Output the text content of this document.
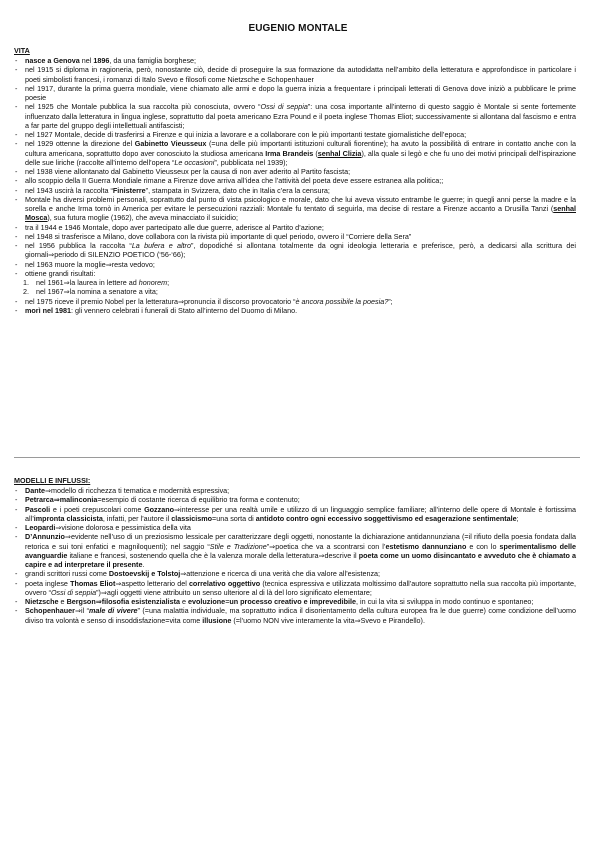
EUGENIO MONTALE
VITA
- nasce a Genova nel 1896, da una famiglia borghese;
- nel 1915 si diploma in ragioneria, però, nonostante ciò, decide di proseguire la sua formazione da autodidatta nell’ambito della letteratura e approfondisce in particolare i poeti simbolisti francesi, i romanzi di Italo Svevo e filosofi come Nietzsche e Schopenhauer
- nel 1917, durante la prima guerra mondiale, viene chiamato alle armi e dopo la guerra inizia a frequentare i principali letterati di Genova dove iniziò a pubblicare le prime poesie
- nel 1925 che Montale pubblica la sua raccolta più conosciuta, ovvero “Ossi di seppia”: una cosa importante all’interno di questo saggio è Montale si sente fortemente influenzato dalla letteratura in lingua inglese, soprattutto dal poeta americano Ezra Pound e il poeta inglese Thomas Eliot; successivamente si allontana dal fascismo e entra a far parte del gruppo degli intellettuali antifascisti;
- nel 1927 Montale, decide di trasferirsi a Firenze e qui inizia a lavorare e a collaborare con le più importanti testate giornalistiche dell’epoca;
- nel 1929 ottenne la direzione del Gabinetto Vieusseux (=una delle più importanti istituzioni culturali fiorentine); ha avuto la possibilità di entrare in contatto anche con la cultura americana, soprattutto dopo aver conosciuto la studiosa americana Irma Brandeis (senhal Clizia), alla quale si legò e che fu uno dei motivi principali dell’ispirazione delle sue liriche (raccolte all’interno dell’opera “Le occasioni”, pubblicata nel 1939);
- nel 1938 viene allontanato dal Gabinetto Vieusseux per la causa di non aver aderito al Partito fascista;
- allo scoppio della II Guerra Mondiale rimane a Firenze dove arriva all’idea che l’attività del poeta deve essere estranea alla politica;;
- nel 1943 uscirà la raccolta “Finisterre”, stampata in Svizzera, dato che in Italia c’era la censura;
- Montale ha diversi problemi personali, soprattutto dal punto di vista psicologico e morale, dato che lui aveva vissuto entrambe le guerre; in quegli anni perse la madre e la sorella e anche Irma tornò in America per evitare le persecuzioni razziali: Montale fu tentato di seguirla, ma decise di restare a Firenze accanto a Drusilla Tanzi (senhal Mosca), sua futura moglie (1962), che aveva minacciato il suicidio;
- tra il 1944 e 1946 Montale, dopo aver partecipato alle due guerre, aderisce al Partito d’azione;
- nel 1948 si trasferisce a Milano, dove collabora con la rivista più importante di quel periodo, ovvero il “Corriere della Sera”
- nel 1956 pubblica la raccolta “La bufera e altro”, dopodiché si allontana totalmente da ogni ideologia letteraria e preferisce, però, a dedicarsi alla scrittura dei giornali⇒periodo di SILENZIO POETICO (‘56-‘66);
- nel 1963 muore la moglie⇒resta vedovo;
- ottiene grandi risultati:
1. nel 1961⇒la laurea in lettere ad honorem;
2. nel 1967⇒la nomina a senatore a vita;
- nel 1975 riceve il premio Nobel per la letteratura⇒pronuncia il discorso provocatorio “è ancora possibile la poesia?”;
- morì nel 1981: gli vennero celebrati i funerali di Stato all’interno del Duomo di Milano.
MODELLI E INFLUSSI:
- Dante⇒modello di ricchezza ti tematica e modernità espressiva;
- Petrarca⇒malinconia=esempio di costante ricerca di equilibrio tra forma e contenuto;
- Pascoli e i poeti crepuscolari come Gozzano⇒interesse per una realtà umile e utilizzo di un linguaggio semplice familiare; all’interno delle opere di Montale è fortissima all’impronta classicista, infatti, per l’autore il classicismo=una sorta di antidoto contro ogni eccessivo soggettivismo ed esagerazione sentimentale;
- Leopardi⇒visione dolorosa e pessimistica della vita
- D’Annunzio⇒evidente nell’uso di un preziosismo lessicale per caratterizzare degli oggetti, nonostante la dichiarazione antidannunziana (=il rifiuto della poesia fondata dalla retorica e sui toni enfatici e magniloquenti); nel saggio “Stile e Tradizione”⇒poetica che va a scontrarsi con l’estetismo dannunziano e con lo sperimentalismo delle avanguardie italiane e francesi, sostenendo quella che è la valenza morale della letteratura⇒descrive il poeta come un uomo disincantato e avveduto che è chiamato a capire e ad interpretare il presente.
- grandi scrittori russi come Dostoevskij e Tolstoj⇒attenzione e ricerca di una verità che dia valore all’esistenza;
- poeta inglese Thomas Eliot⇒aspetto letterario del correlativo oggettivo (tecnica espressiva e utilizzata moltissimo dall’autore soprattutto nella sua raccolta più importante, ovvero “Ossi di seppia”)⇒agli oggetti viene attribuito un senso ulteriore al di là del loro significato elementare;
- Nietzsche e Bergson⇒filosofia esistenzialista e evoluzione=un processo creativo e imprevedibile, in cui la vita si sviluppa in modo continuo e spontaneo;
- Schopenhauer⇒il “male di vivere” (=una malattia individuale, ma soprattutto indica il disorientamento della cultura europea fra le due guerre) come condizione dell’uomo diviso tra volontà e senso di insoddisfazione=vita come illusione (=l’uomo NON vive interamente la vita⇒Svevo e Pirandello).
